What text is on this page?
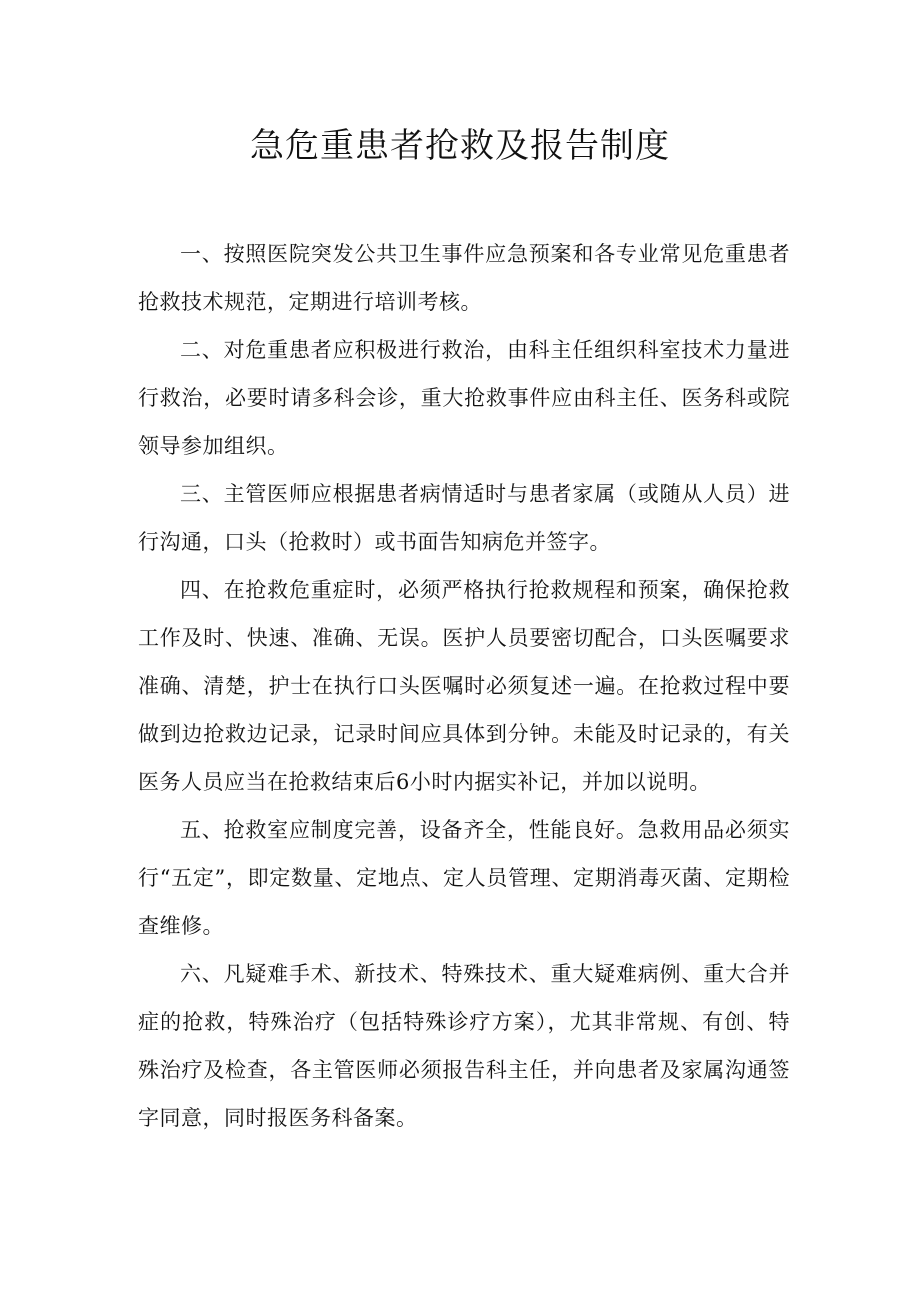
急危重患者抢救及报告制度

一、按照医院突发公共卫生事件应急预案和各专业常见危重患者抢救技术规范，定期进行培训考核。

二、对危重患者应积极进行救治，由科主任组织科室技术力量进行救治，必要时请多科会诊，重大抢救事件应由科主任、医务科或院领导参加组织。

三、主管医师应根据患者病情适时与患者家属（或随从人员）进行沟通，口头（抢救时）或书面告知病危并签字。

四、在抢救危重症时，必须严格执行抢救规程和预案，确保抢救工作及时、快速、准确、无误。医护人员要密切配合，口头医嘱要求准确、清楚，护士在执行口头医嘱时必须复述一遍。在抢救过程中要做到边抢救边记录，记录时间应具体到分钟。未能及时记录的，有关医务人员应当在抢救结束后6小时内据实补记，并加以说明。

五、抢救室应制度完善，设备齐全，性能良好。急救用品必须实行“五定”，即定数量、定地点、定人员管理、定期消毒灭菌、定期检查维修。

六、凡疑难手术、新技术、特殊技术、重大疑难病例、重大合并症的抢救，特殊治疗（包括特殊诊疗方案），尤其非常规、有创、特殊治疗及检查，各主管医师必须报告科主任，并向患者及家属沟通签字同意，同时报医务科备案。
